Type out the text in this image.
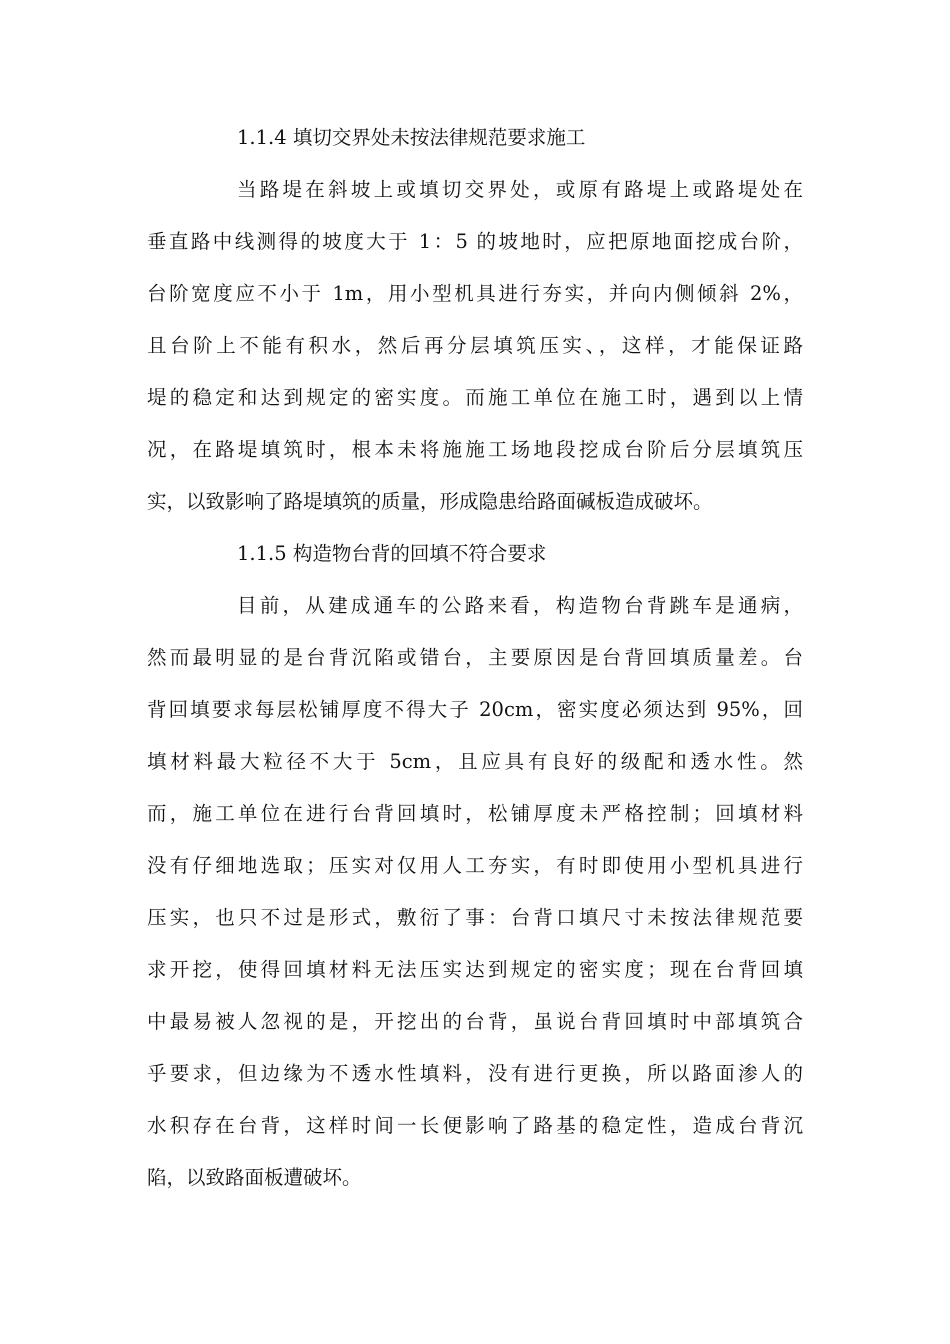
1.1.4 填切交界处未按法律规范要求施工
当路堤在斜坡上或填切交界处，或原有路堤上或路堤处在
垂直路中线测得的坡度大于 1：5 的坡地时，应把原地面挖成台阶，
台阶宽度应不小于 1m，用小型机具进行夯实，并向内侧倾斜 2%，
且台阶上不能有积水，然后再分层填筑压实、，这样，才能保证路
堤的稳定和达到规定的密实度。而施工单位在施工时，遇到以上情
况，在路堤填筑时，根本未将施施工场地段挖成台阶后分层填筑压
实，以致影响了路堤填筑的质量，形成隐患给路面碱板造成破坏。
1.1.5 构造物台背的回填不符合要求
目前，从建成通车的公路来看，构造物台背跳车是通病，
然而最明显的是台背沉陷或错台，主要原因是台背回填质量差。台
背回填要求每层松铺厚度不得大子 20cm，密实度必须达到 95%，回
填材料最大粒径不大于 5cm，且应具有良好的级配和透水性。然
而，施工单位在进行台背回填时，松铺厚度未严格控制；回填材料
没有仔细地选取；压实对仅用人工夯实，有时即使用小型机具进行
压实，也只不过是形式，敷衍了事：台背口填尺寸未按法律规范要
求开挖，使得回填材料无法压实达到规定的密实度；现在台背回填
中最易被人忽视的是，开挖出的台背，虽说台背回填时中部填筑合
乎要求，但边缘为不透水性填料，没有进行更换，所以路面渗人的
水积存在台背，这样时间一长便影响了路基的稳定性，造成台背沉
陷，以致路面板遭破坏。
